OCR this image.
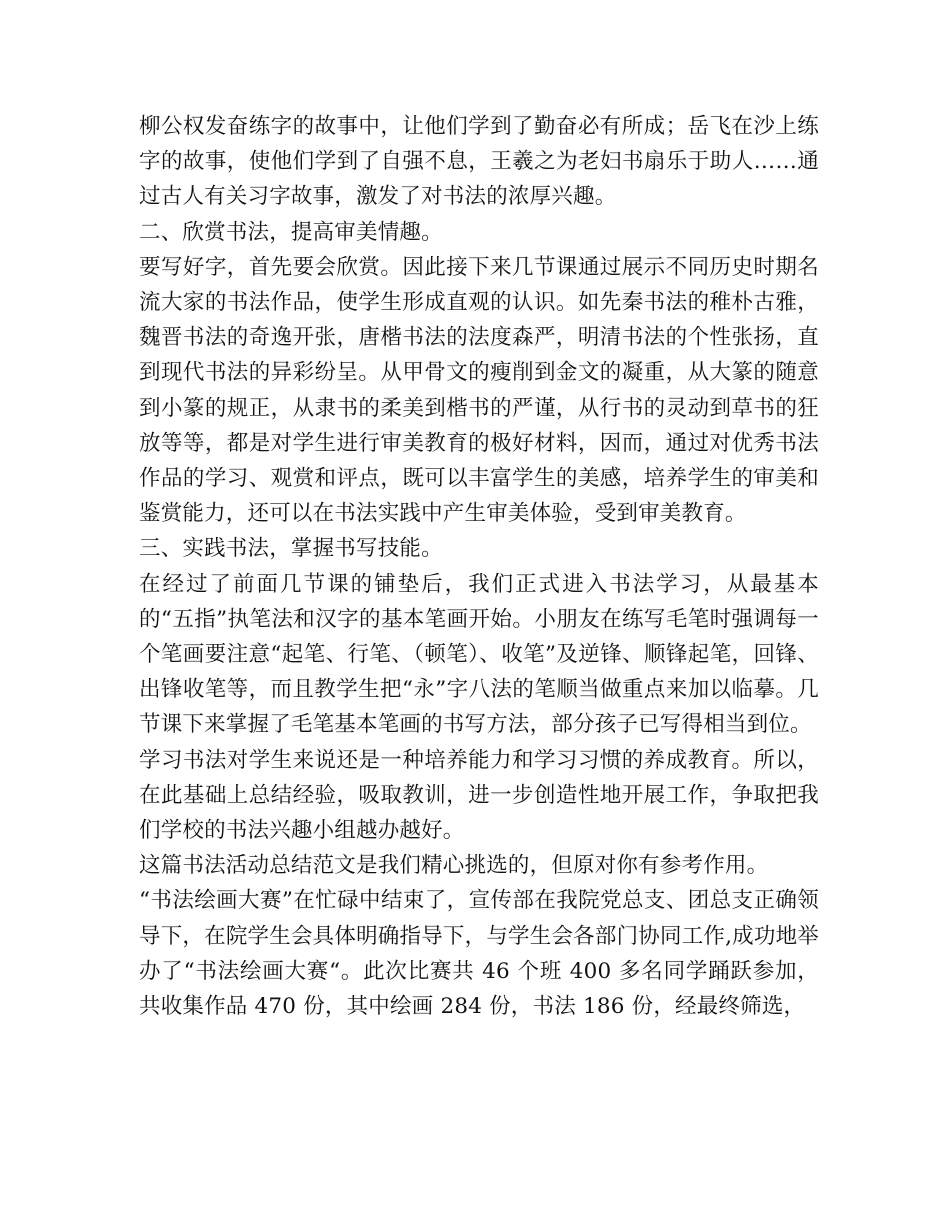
柳公权发奋练字的故事中，让他们学到了勤奋必有所成；岳飞在沙上练字的故事，使他们学到了自强不息，王羲之为老妇书扇乐于助人……通过古人有关习字故事，激发了对书法的浓厚兴趣。

二、欣赏书法，提高审美情趣。

要写好字，首先要会欣赏。因此接下来几节课通过展示不同历史时期名流大家的书法作品，使学生形成直观的认识。如先秦书法的稚朴古雅，魏晋书法的奇逸开张，唐楷书法的法度森严，明清书法的个性张扬，直到现代书法的异彩纷呈。从甲骨文的瘦削到金文的凝重，从大篆的随意到小篆的规正，从隶书的柔美到楷书的严谨，从行书的灵动到草书的狂放等等，都是对学生进行审美教育的极好材料，因而，通过对优秀书法作品的学习、观赏和评点，既可以丰富学生的美感，培养学生的审美和鉴赏能力，还可以在书法实践中产生审美体验，受到审美教育。

三、实践书法，掌握书写技能。

在经过了前面几节课的铺垫后，我们正式进入书法学习，从最基本的“五指”执笔法和汉字的基本笔画开始。小朋友在练写毛笔时强调每一个笔画要注意“起笔、行笔、（顿笔）、收笔”及逆锋、顺锋起笔，回锋、出锋收笔等，而且教学生把“永”字八法的笔顺当做重点来加以临摹。几节课下来掌握了毛笔基本笔画的书写方法，部分孩子已写得相当到位。

学习书法对学生来说还是一种培养能力和学习习惯的养成教育。所以，在此基础上总结经验，吸取教训，进一步创造性地开展工作，争取把我们学校的书法兴趣小组越办越好。

这篇书法活动总结范文是我们精心挑选的，但原对你有参考作用。

“书法绘画大赛”在忙碌中结束了，宣传部在我院党总支、团总支正确领导下，在院学生会具体明确指导下，与学生会各部门协同工作,成功地举办了“书法绘画大赛“。此次比赛共 46 个班 400 多名同学踊跃参加，共收集作品 470 份，其中绘画 284 份，书法 186 份，经最终筛选，
